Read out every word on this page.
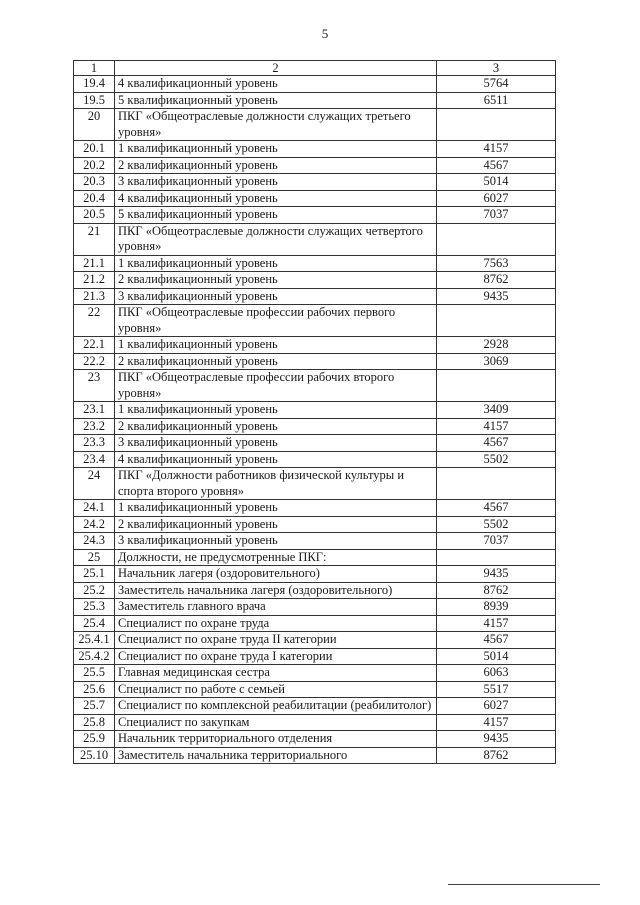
5
1	2	3
19.4	4 квалификационный уровень	5764
19.5	5 квалификационный уровень	6511
20	ПКГ «Общеотраслевые должности служащих третьего уровня»	
20.1	1 квалификационный уровень	4157
20.2	2 квалификационный уровень	4567
20.3	3 квалификационный уровень	5014
20.4	4 квалификационный уровень	6027
20.5	5 квалификационный уровень	7037
21	ПКГ «Общеотраслевые должности служащих четвертого уровня»	
21.1	1 квалификационный уровень	7563
21.2	2 квалификационный уровень	8762
21.3	3 квалификационный уровень	9435
22	ПКГ «Общеотраслевые профессии рабочих первого уровня»	
22.1	1 квалификационный уровень	2928
22.2	2 квалификационный уровень	3069
23	ПКГ «Общеотраслевые профессии рабочих второго уровня»	
23.1	1 квалификационный уровень	3409
23.2	2 квалификационный уровень	4157
23.3	3 квалификационный уровень	4567
23.4	4 квалификационный уровень	5502
24	ПКГ «Должности работников физической культуры и спорта второго уровня»	
24.1	1 квалификационный уровень	4567
24.2	2 квалификационный уровень	5502
24.3	3 квалификационный уровень	7037
25	Должности, не предусмотренные ПКГ:	
25.1	Начальник лагеря (оздоровительного)	9435
25.2	Заместитель начальника лагеря (оздоровительного)	8762
25.3	Заместитель главного врача	8939
25.4	Специалист по охране труда	4157
25.4.1	Специалист по охране труда II категории	4567
25.4.2	Специалист по охране труда I категории	5014
25.5	Главная медицинская сестра	6063
25.6	Специалист по работе с семьей	5517
25.7	Специалист по комплексной реабилитации (реабилитолог)	6027
25.8	Специалист по закупкам	4157
25.9	Начальник территориального отделения	9435
25.10	Заместитель начальника территориального	8762
